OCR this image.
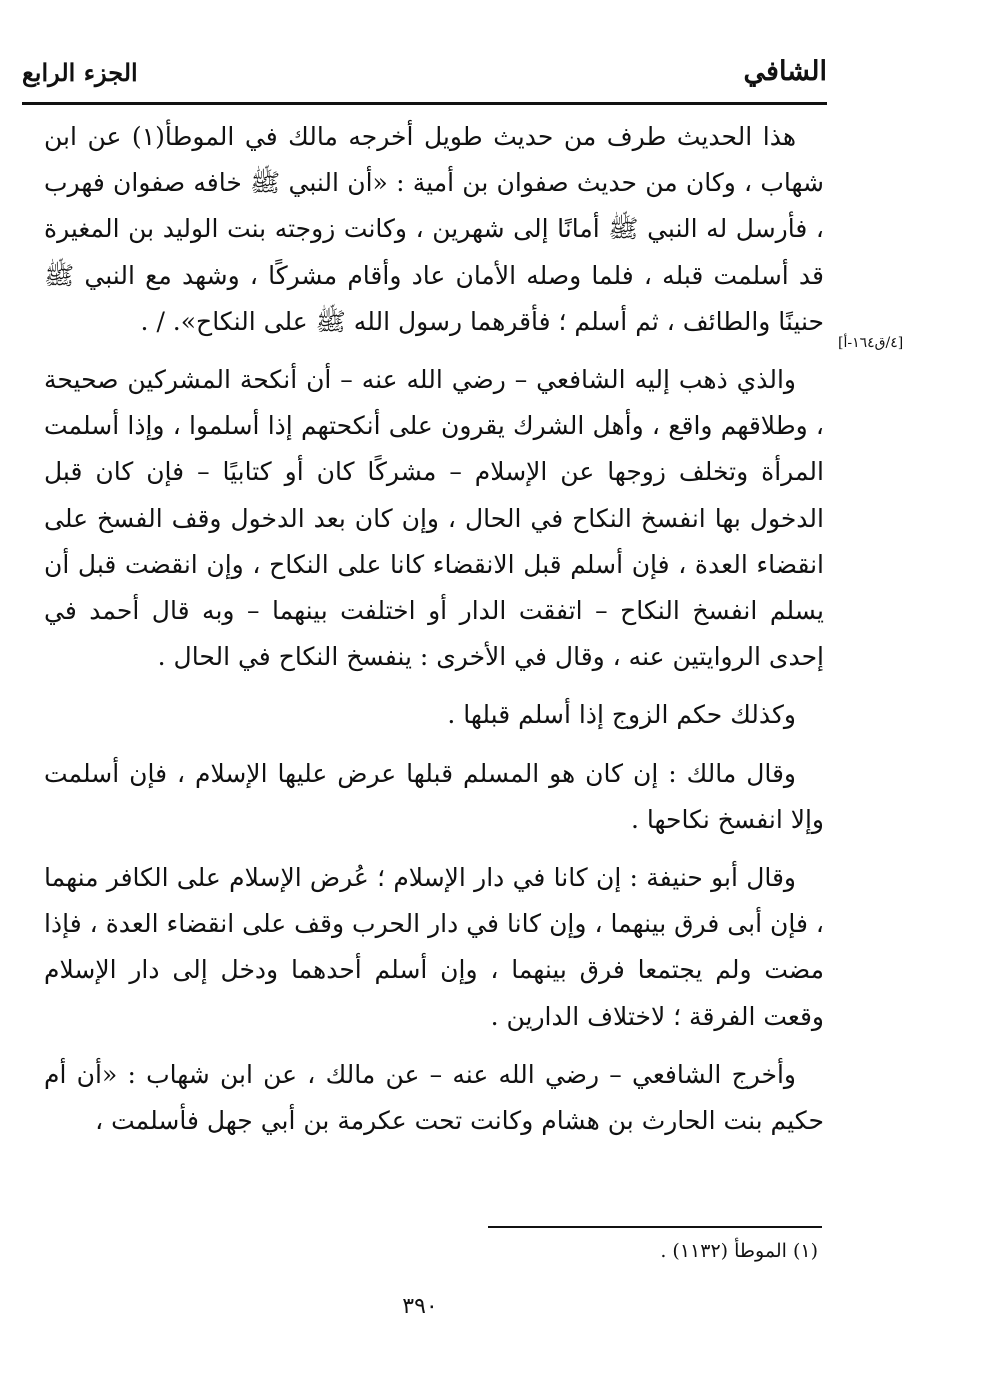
الشافي
الجزء الرابع
[٤/ق١٦٤-أ]

هذا الحديث طرف من حديث طويل أخرجه مالك في الموطأ(١) عن ابن شهاب ، وكان من حديث صفوان بن أمية : «أن النبي ﷺ خافه صفوان فهرب ، فأرسل له النبي ﷺ أمانًا إلى شهرين ، وكانت زوجته بنت الوليد بن المغيرة قد أسلمت قبله ، فلما وصله الأمان عاد وأقام مشركًا ، وشهد مع النبي ﷺ حنينًا والطائف ، ثم أسلم ؛ فأقرهما رسول الله ﷺ على النكاح». / .

والذي ذهب إليه الشافعي – رضي الله عنه – أن أنكحة المشركين صحيحة ، وطلاقهم واقع ، وأهل الشرك يقرون على أنكحتهم إذا أسلموا ، وإذا أسلمت المرأة وتخلف زوجها عن الإسلام – مشركًا كان أو كتابيًا – فإن كان قبل الدخول بها انفسخ النكاح في الحال ، وإن كان بعد الدخول وقف الفسخ على انقضاء العدة ، فإن أسلم قبل الانقضاء كانا على النكاح ، وإن انقضت قبل أن يسلم انفسخ النكاح – اتفقت الدار أو اختلفت بينهما – وبه قال أحمد في إحدى الروايتين عنه ، وقال في الأخرى : ينفسخ النكاح في الحال .

وكذلك حكم الزوج إذا أسلم قبلها .

وقال مالك : إن كان هو المسلم قبلها عرض عليها الإسلام ، فإن أسلمت وإلا انفسخ نكاحها .

وقال أبو حنيفة : إن كانا في دار الإسلام ؛ عُرض الإسلام على الكافر منهما ، فإن أبى فرق بينهما ، وإن كانا في دار الحرب وقف على انقضاء العدة ، فإذا مضت ولم يجتمعا فرق بينهما ، وإن أسلم أحدهما ودخل إلى دار الإسلام وقعت الفرقة ؛ لاختلاف الدارين .

وأخرج الشافعي – رضي الله عنه – عن مالك ، عن ابن شهاب : «أن أم حكيم بنت الحارث بن هشام وكانت تحت عكرمة بن أبي جهل فأسلمت ،

(١) الموطأ (١١٣٢) .
٣٩٠
